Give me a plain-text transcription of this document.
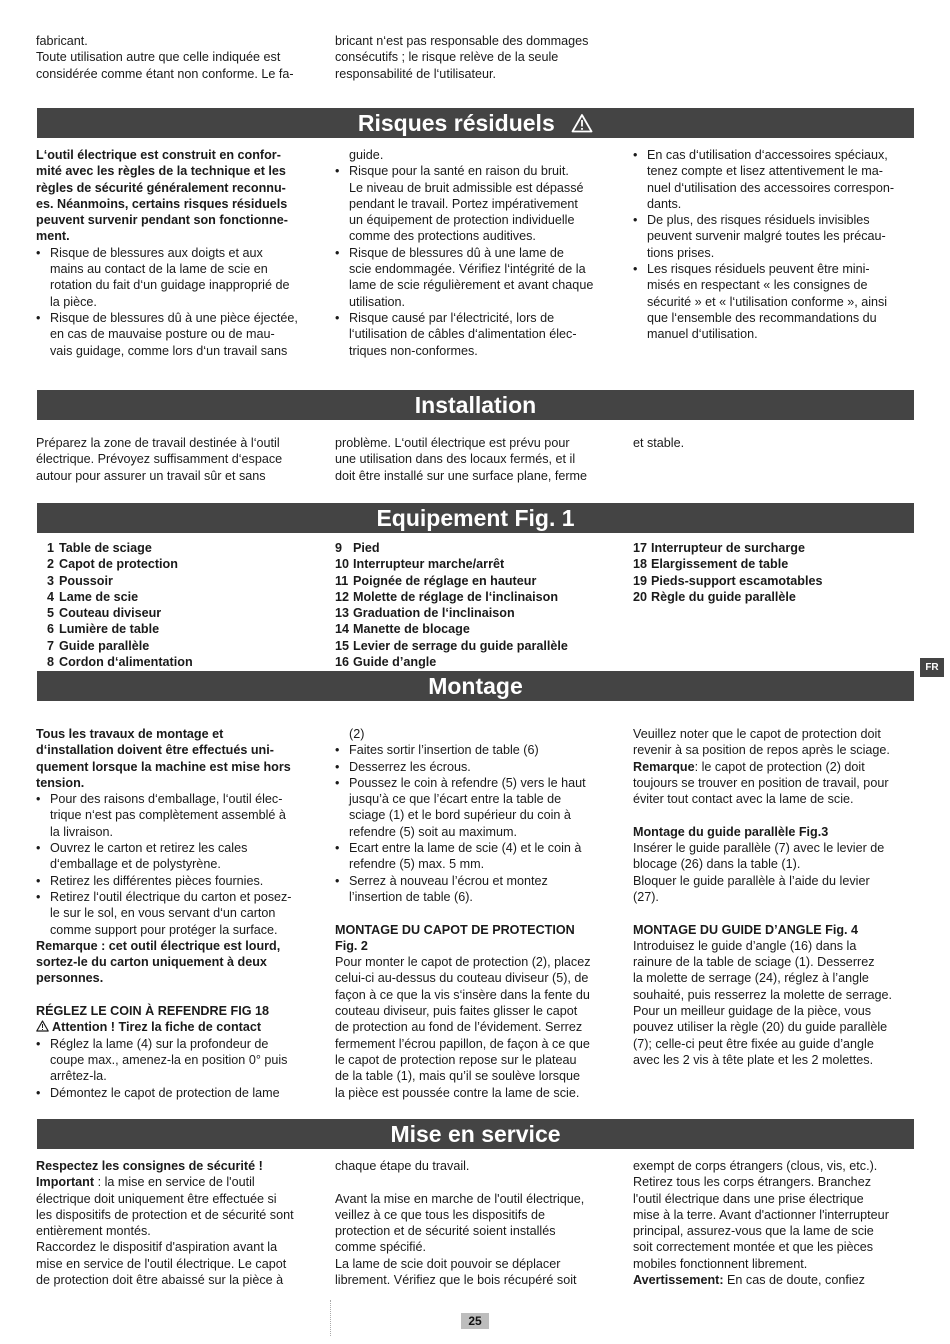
fabricant.
Toute utilisation autre que celle indiquée est
considérée comme étant non conforme. Le fa-
bricant n‘est pas responsable des dommages
consécutifs ; le risque relève de la seule
responsabilité de l‘utilisateur.
Risques résiduels
L‘outil électrique est construit en confor-
mité avec les règles de la technique et les
règles de sécurité généralement reconnu-
es. Néanmoins, certains risques résiduels
peuvent survenir pendant son fonctionne-
ment.
• Risque de blessures aux doigts et aux
mains au contact de la lame de scie en
rotation du fait d‘un guidage inapproprié de
la pièce.
• Risque de blessures dû à une pièce éjectée,
en cas de mauvaise posture ou de mau-
vais guidage, comme lors d‘un travail sans

guide.

• Risque pour la santé en raison du bruit.
Le niveau de bruit admissible est dépassé
pendant le travail. Portez impérativement
un équipement de protection individuelle
comme des protections auditives.
• Risque de blessures dû à une lame de
scie endommagée. Vérifiez l‘intégrité de la
lame de scie régulièrement et avant chaque
utilisation.
• Risque causé par l‘électricité, lors de
l‘utilisation de câbles d‘alimentation élec-
triques non-conformes.
• En cas d‘utilisation d‘accessoires spéciaux,
tenez compte et lisez attentivement le ma-
nuel d‘utilisation des accessoires correspon-
dants.
• De plus, des risques résiduels invisibles
peuvent survenir malgré toutes les précau-
tions prises.
• Les risques résiduels peuvent être mini-
misés en respectant « les consignes de
sécurité » et « l‘utilisation conforme », ainsi
que l‘ensemble des recommandations du
manuel d‘utilisation.
Installation
Préparez la zone de travail destinée à l‘outil
électrique. Prévoyez suffisamment d‘espace
autour pour assurer un travail sûr et sans
problème. L‘outil électrique est prévu pour
une utilisation dans des locaux fermés, et il
doit être installé sur une surface plane, ferme
et stable.
Equipement Fig. 1
1 Table de sciage
2 Capot de protection
3 Poussoir
4 Lame de scie
5 Couteau diviseur
6 Lumière de table
7 Guide parallèle
8 Cordon d‘alimentation
9 Pied
10 Interrupteur marche/arrêt
11 Poignée de réglage en hauteur
12 Molette de réglage de l‘inclinaison
13 Graduation de l‘inclinaison
14 Manette de blocage
15 Levier de serrage du guide parallèle
16 Guide d’angle
17 Interrupteur de surcharge
18 Elargissement de table
19 Pieds-support escamotables
20 Règle du guide parallèle
FR
Montage
Tous les travaux de montage et
d‘installation doivent être effectués uni-
quement lorsque la machine est mise hors
tension.
• Pour des raisons d‘emballage, l‘outil élec-
trique n‘est pas complètement assemblé à
la livraison.
• Ouvrez le carton et retirez les cales
d‘emballage et de polystyrène.
• Retirez les différentes pièces fournies.
• Retirez l‘outil électrique du carton et posez-
le sur le sol, en vous servant d‘un carton
comme support pour protéger la surface.
Remarque : cet outil électrique est lourd,
sortez-le du carton uniquement à deux
personnes.

RÉGLEZ LE COIN À REFENDRE FIG 18

Attention ! Tirez la fiche de contact

• Réglez la lame (4) sur la profondeur de
coupe max., amenez-la en position 0° puis
arrêtez-la.
• Démontez le capot de protection de lame

(2)

• Faites sortir l’insertion de table (6)
• Desserrez les écrous.
• Poussez le coin à refendre (5) vers le haut
jusqu’à ce que l’écart entre la table de
sciage (1) et le bord supérieur du coin à
refendre (5) soit au maximum.
• Ecart entre la lame de scie (4) et le coin à
refendre (5) max. 5 mm.
• Serrez à nouveau l’écrou et montez
l’insertion de table (6).
MONTAGE DU CAPOT DE PROTECTION
Fig. 2
Pour monter le capot de protection (2), placez
celui-ci au-dessus du couteau diviseur (5), de
façon à ce que la vis s‘insère dans la fente du
couteau diviseur, puis faites glisser le capot
de protection au fond de l’évidement. Serrez
fermement l’écrou papillon, de façon à ce que
le capot de protection repose sur le plateau
de la table (1), mais qu’il se soulève lorsque
la pièce est poussée contre la lame de scie.
Veuillez noter que le capot de protection doit
revenir à sa position de repos après le sciage.

Remarque: le capot de protection (2) doit

toujours se trouver en position de travail, pour
éviter tout contact avec la lame de scie.

Montage du guide parallèle Fig.3

Insérer le guide parallèle (7) avec le levier de
blocage (26) dans la table (1).
Bloquer le guide parallèle à l’aide du levier
(27).

MONTAGE DU GUIDE D’ANGLE Fig. 4

Introduisez le guide d’angle (16) dans la
rainure de la table de sciage (1). Desserrez
la molette de serrage (24), réglez à l’angle
souhaité, puis resserrez la molette de serrage.
Pour un meilleur guidage de la pièce, vous
pouvez utiliser la règle (20) du guide parallèle
(7); celle-ci peut être fixée au guide d’angle
avec les 2 vis à tête plate et les 2 molettes.
Mise en service

Respectez les consignes de sécurité !

Important : la mise en service de l'outil

électrique doit uniquement être effectuée si
les dispositifs de protection et de sécurité sont
entièrement montés.
Raccordez le dispositif d'aspiration avant la
mise en service de l'outil électrique. Le capot
de protection doit être abaissé sur la pièce à
chaque étape du travail.
Avant la mise en marche de l'outil électrique,
veillez à ce que tous les dispositifs de
protection et de sécurité soient installés
comme spécifié.
La lame de scie doit pouvoir se déplacer
librement. Vérifiez que le bois récupéré soit
exempt de corps étrangers (clous, vis, etc.).
Retirez tous les corps étrangers. Branchez
l'outil électrique dans une prise électrique
mise à la terre. Avant d'actionner l'interrupteur
principal, assurez-vous que la lame de scie
soit correctement montée et que les pièces
mobiles fonctionnent librement.

Avertissement: En cas de doute, confiez

25
